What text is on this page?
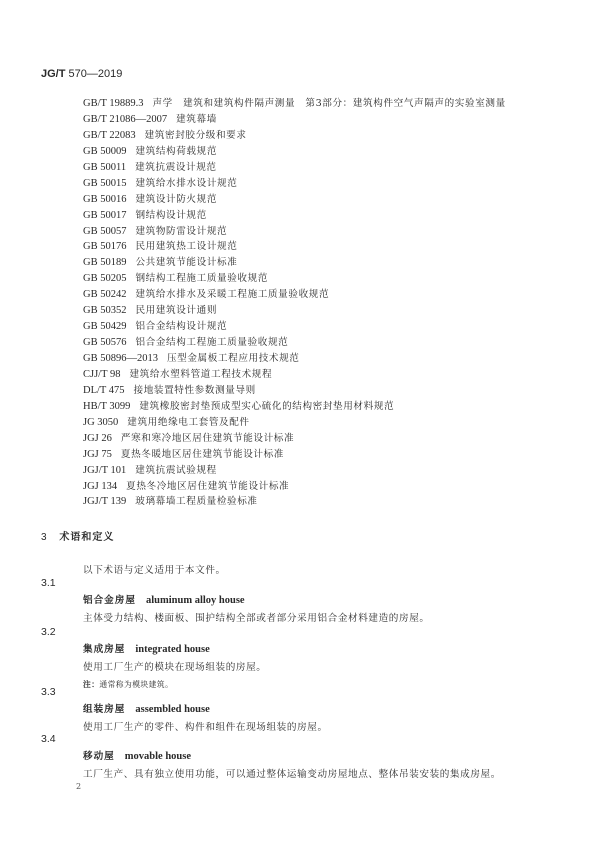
JG/T 570—2019
GB/T 19889.3 声学　建筑和建筑构件隔声测量　第3部分：建筑构件空气声隔声的实验室测量
GB/T 21086—2007 建筑幕墙
GB/T 22083 建筑密封胶分级和要求
GB 50009 建筑结构荷载规范
GB 50011 建筑抗震设计规范
GB 50015 建筑给水排水设计规范
GB 50016 建筑设计防火规范
GB 50017 钢结构设计规范
GB 50057 建筑物防雷设计规范
GB 50176 民用建筑热工设计规范
GB 50189 公共建筑节能设计标准
GB 50205 钢结构工程施工质量验收规范
GB 50242 建筑给水排水及采暖工程施工质量验收规范
GB 50352 民用建筑设计通则
GB 50429 铝合金结构设计规范
GB 50576 铝合金结构工程施工质量验收规范
GB 50896—2013 压型金属板工程应用技术规范
CJJ/T 98 建筑给水塑料管道工程技术规程
DL/T 475 接地装置特性参数测量导则
HB/T 3099 建筑橡胶密封垫预成型实心硫化的结构密封垫用材料规范
JG 3050 建筑用绝缘电工套管及配件
JGJ 26 严寒和寒冷地区居住建筑节能设计标准
JGJ 75 夏热冬暖地区居住建筑节能设计标准
JGJ/T 101 建筑抗震试验规程
JGJ 134 夏热冬冷地区居住建筑节能设计标准
JGJ/T 139 玻璃幕墙工程质量检验标准
3 术语和定义
以下术语与定义适用于本文件。
3.1
铝合金房屋 aluminum alloy house
主体受力结构、楼面板、围护结构全部或者部分采用铝合金材料建造的房屋。
3.2
集成房屋 integrated house
使用工厂生产的模块在现场组装的房屋。
注：通常称为模块建筑。
3.3
组装房屋 assembled house
使用工厂生产的零件、构件和组件在现场组装的房屋。
3.4
移动屋 movable house
工厂生产、具有独立使用功能，可以通过整体运输变动房屋地点、整体吊装安装的集成房屋。
2
